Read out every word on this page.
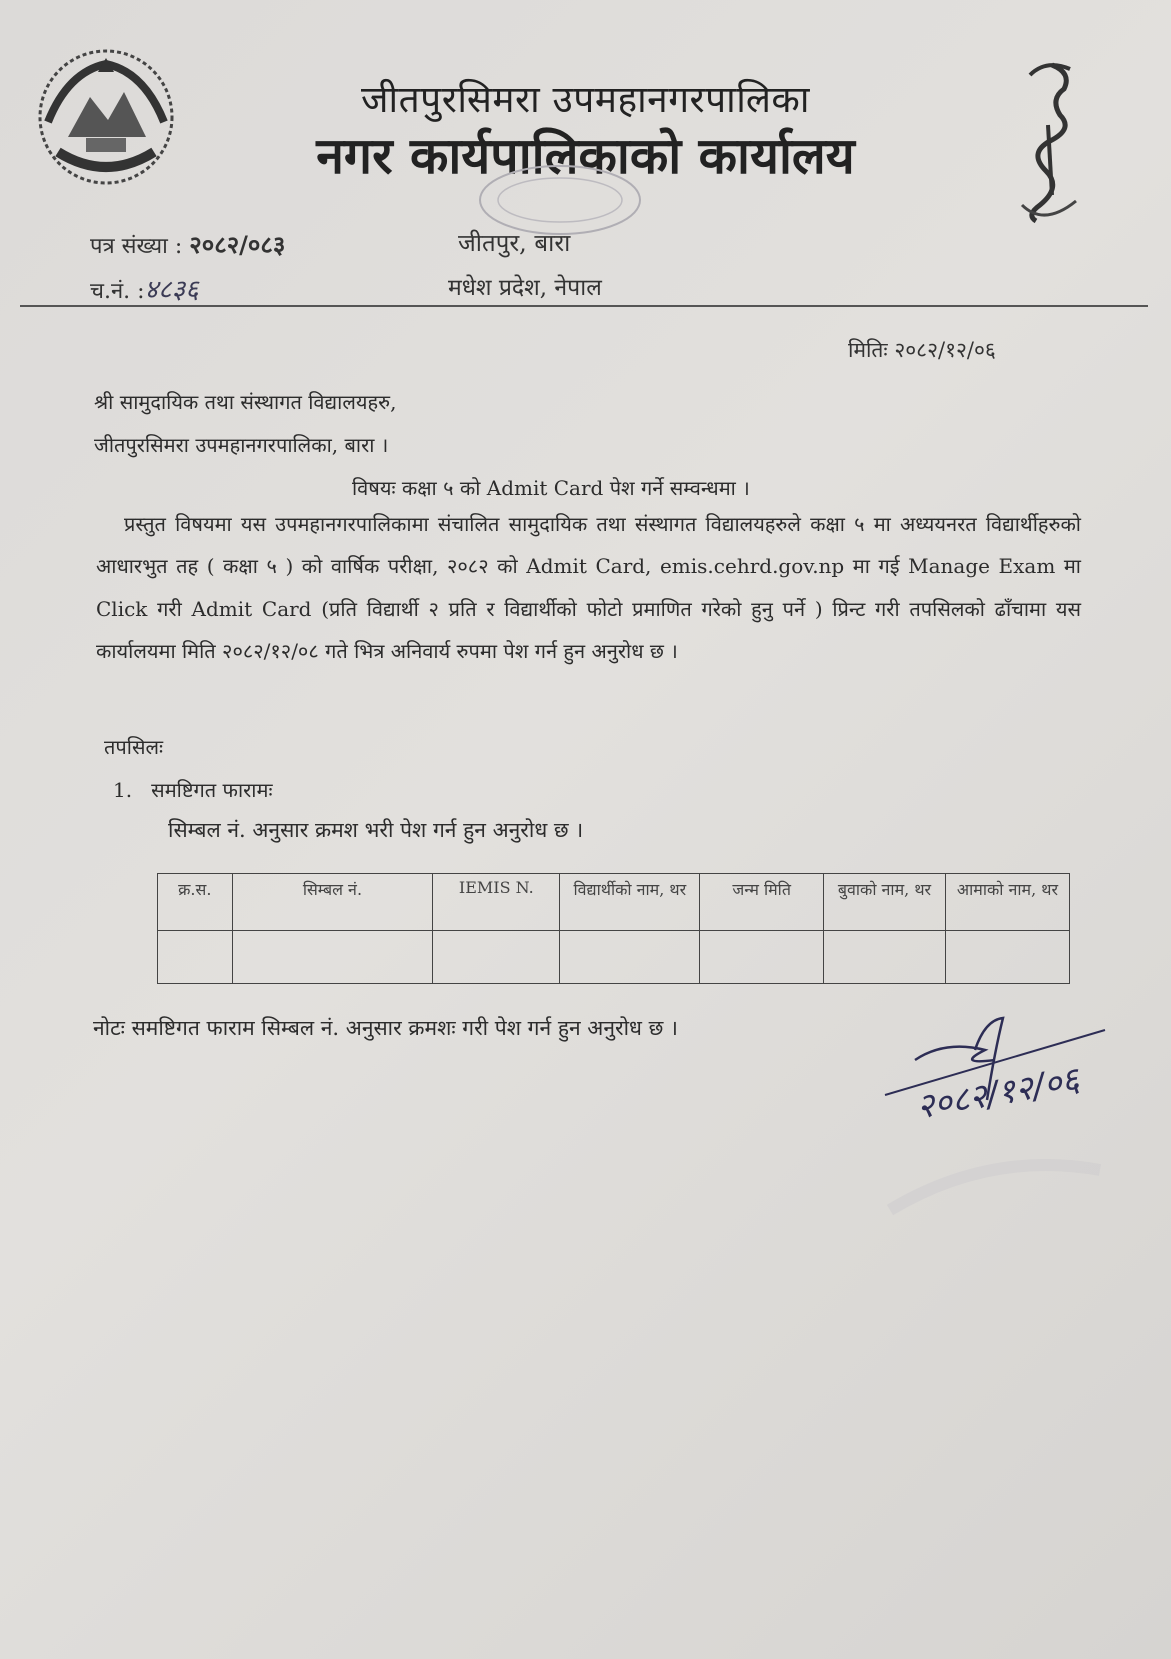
जीतपुरसिमरा उपमहानगरपालिका
नगर कार्यपालिकाको कार्यालय
पत्र संख्या : २०८२/०८३
च.नं. :४८३६
जीतपुर, बारा
मधेश प्रदेश, नेपाल
मितिः २०८२/१२/०६
श्री सामुदायिक तथा संस्थागत विद्यालयहरु,
जीतपुरसिमरा उपमहानगरपालिका, बारा ।
विषयः कक्षा ५ को Admit Card पेश गर्ने सम्वन्धमा ।
प्रस्तुत विषयमा यस उपमहानगरपालिकामा संचालित सामुदायिक तथा संस्थागत विद्यालयहरुले कक्षा ५ मा अध्ययनरत विद्यार्थीहरुको आधारभुत तह ( कक्षा ५ ) को वार्षिक परीक्षा, २०८२ को Admit Card, emis.cehrd.gov.np मा गई Manage Exam मा Click गरी Admit Card (प्रति विद्यार्थी २ प्रति र विद्यार्थीको फोटो प्रमाणित गरेको हुनु पर्ने ) प्रिन्ट गरी तपसिलको ढाँचामा यस कार्यालयमा मिति २०८२/१२/०८ गते भित्र अनिवार्य रुपमा पेश गर्न हुन अनुरोध छ ।
तपसिलः
1. समष्टिगत फारामः
सिम्बल नं. अनुसार क्रमश भरी पेश गर्न हुन अनुरोध छ ।
क्र.स.	सिम्बल नं.	IEMIS N.	विद्यार्थीको नाम, थर	जन्म मिति	बुवाको नाम, थर	आमाको नाम, थर

नोटः समष्टिगत फाराम सिम्बल नं. अनुसार क्रमशः गरी पेश गर्न हुन अनुरोध छ ।
२०८२/१२/०६
